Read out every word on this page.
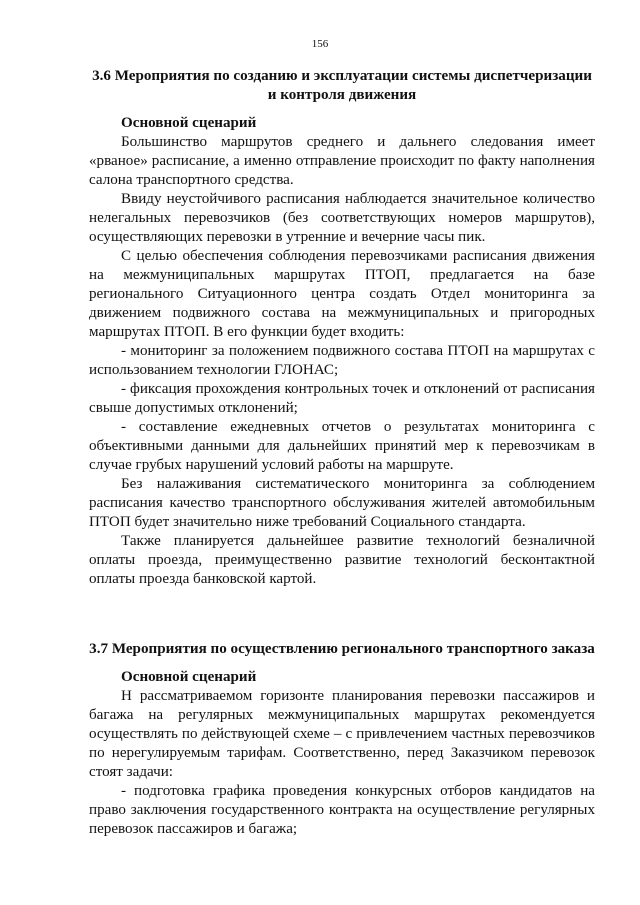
156
3.6 Мероприятия по созданию и эксплуатации системы диспетчеризации и контроля движения
Основной сценарий

Большинство маршрутов среднего и дальнего следования имеет «рваное» расписание, а именно отправление происходит по факту наполнения салона транспортного средства.

Ввиду неустойчивого расписания наблюдается значительное количество нелегальных перевозчиков (без соответствующих номеров маршрутов), осуществляющих перевозки в утренние и вечерние часы пик.

С целью обеспечения соблюдения перевозчиками расписания движения на межмуниципальных маршрутах ПТОП, предлагается на базе регионального Ситуационного центра создать Отдел мониторинга за движением подвижного состава на межмуниципальных и пригородных маршрутах ПТОП. В его функции будет входить:

- мониторинг за положением подвижного состава ПТОП на маршрутах с использованием технологии ГЛОНАС;

- фиксация прохождения контрольных точек и отклонений от расписания свыше допустимых отклонений;

- составление ежедневных отчетов о результатах мониторинга с объективными данными для дальнейших принятий мер к перевозчикам в случае грубых нарушений условий работы на маршруте.

Без налаживания систематического мониторинга за соблюдением расписания качество транспортного обслуживания жителей автомобильным ПТОП будет значительно ниже требований Социального стандарта.

Также планируется дальнейшее развитие технологий безналичной оплаты проезда, преимущественно развитие технологий бесконтактной оплаты проезда банковской картой.

3.7 Мероприятия по осуществлению регионального транспортного заказа
Основной сценарий

Н рассматриваемом горизонте планирования перевозки пассажиров и багажа на регулярных межмуниципальных маршрутах рекомендуется осуществлять по действующей схеме – с привлечением частных перевозчиков по нерегулируемым тарифам. Соответственно, перед Заказчиком перевозок стоят задачи:

- подготовка графика проведения конкурсных отборов кандидатов на право заключения государственного контракта на осуществление регулярных перевозок пассажиров и багажа;
